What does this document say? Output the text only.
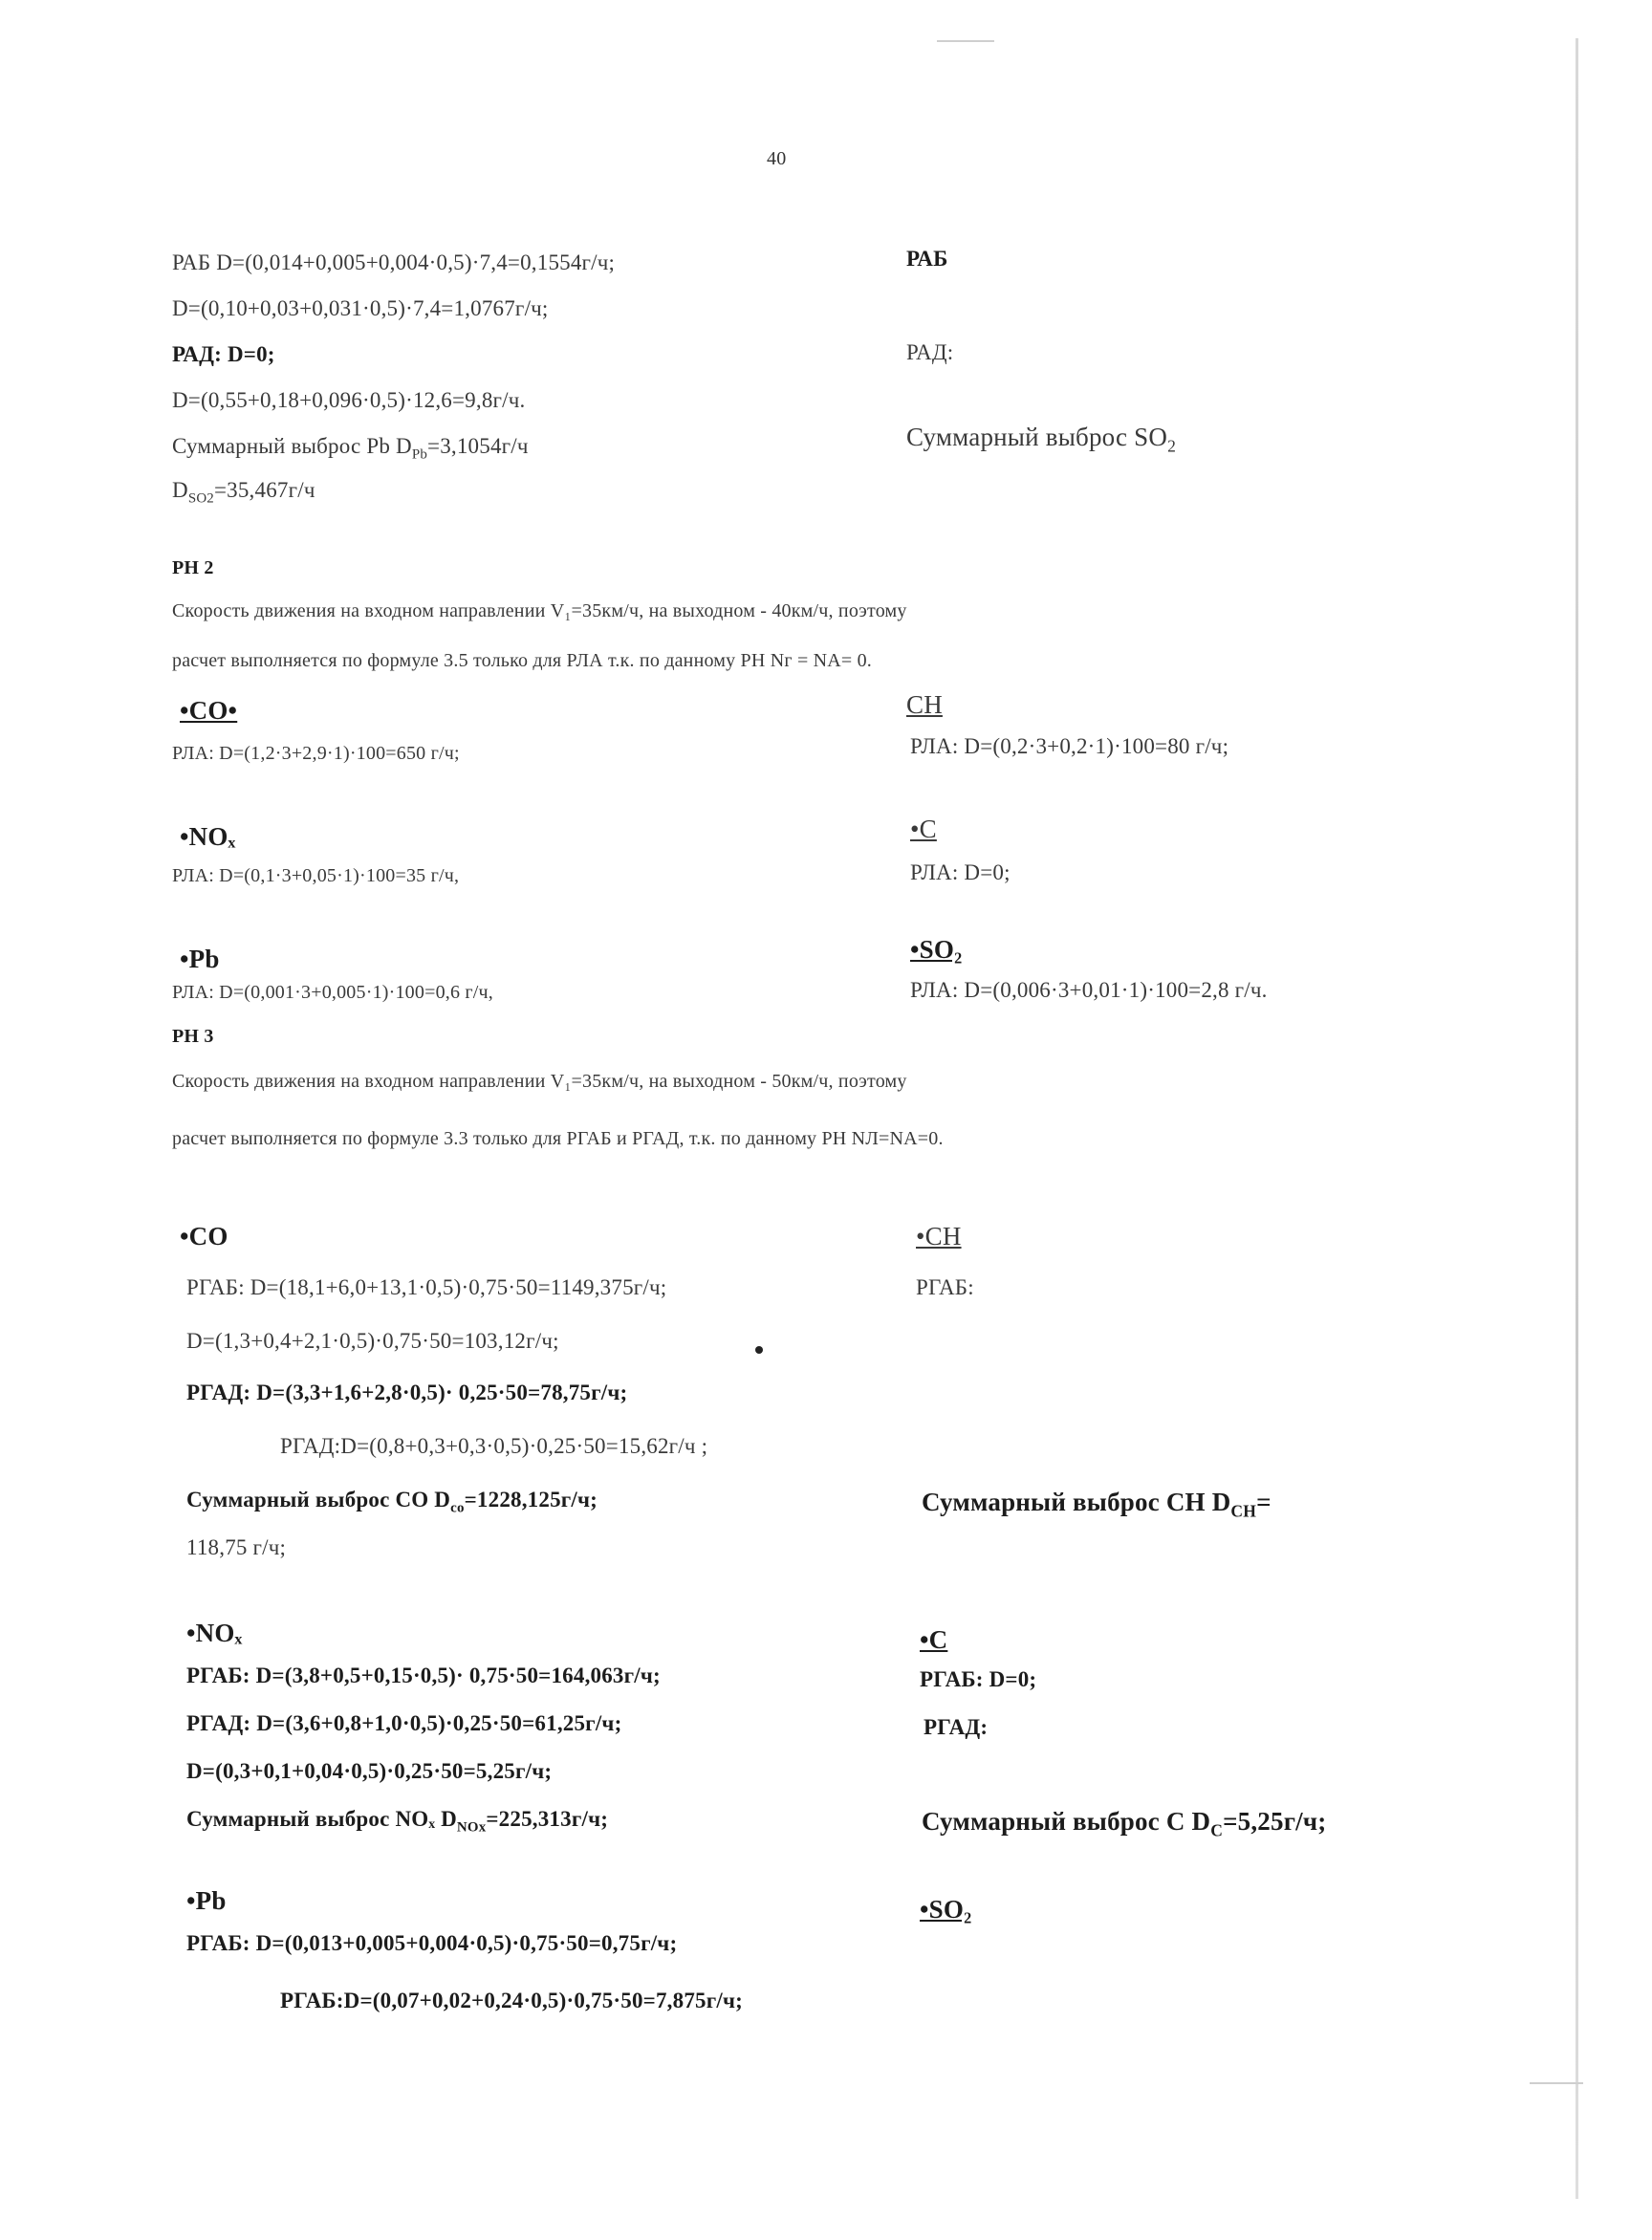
40
РАБ D=(0,014+0,005+0,004·0,5)·7,4=0,1554г/ч;	РАБ
D=(0,10+0,03+0,031·0,5)·7,4=1,0767г/ч;
РАД: D=0;	РАД:
D=(0,55+0,18+0,096·0,5)·12,6=9,8г/ч.
Суммарный выброс Pb $D_{Pb}=3,1054г/ч$	Суммарный выброс $SO_2$
$D_{SO2}=35,467г/ч$
РН 2
Скорость движения на входном направлении V₁=35км/ч, на выходном - 40км/ч, поэтому
расчет выполняется по формуле 3.5 только для РЛА т.к. по данному РН Nг = NА= 0.
•CO•	CH
РЛА: D=(1,2·3+2,9·1)·100=650 г/ч;	РЛА: D=(0,2·3+0,2·1)·100=80 г/ч;
•NOₓ	•C
РЛА: D=(0,1·3+0,05·1)·100=35 г/ч,	РЛА: D=0;
•Pb	•SO₂
РЛА: D=(0,001·3+0,005·1)·100=0,6 г/ч,	РЛА: D=(0,006·3+0,01·1)·100=2,8 г/ч.
РН 3
Скорость движения на входном направлении V₁=35км/ч, на выходном - 50км/ч, поэтому
расчет выполняется по формуле 3.3 только для РГАБ и РГАД, т.к. по данному РН NЛ=NА=0.
•CO	•CH
РГАБ: D=(18,1+6,0+13,1·0,5)·0,75·50=1149,375г/ч;	РГАБ:
D=(1,3+0,4+2,1·0,5)·0,75·50=103,12г/ч;
РГАД: D=(3,3+1,6+2,8·0,5)· 0,25·50=78,75г/ч;
РГАД:D=(0,8+0,3+0,3·0,5)·0,25·50=15,62г/ч ;
Суммарный выброс CO $D_{co}=1228,125г/ч$;	Суммарный выброс CH $D_{CH}=$
118,75 г/ч;
•NOₓ	•C
РГАБ: D=(3,8+0,5+0,15·0,5)· 0,75·50=164,063г/ч;	РГАБ: D=0;
РГАД: D=(3,6+0,8+1,0·0,5)·0,25·50=61,25г/ч;	РГАД:
D=(0,3+0,1+0,04·0,5)·0,25·50=5,25г/ч;
Суммарный выброс NOₓ $D_{NOx}=225,313г/ч$;	Суммарный выброс C $D_C=5,25г/ч$;
•Pb	•SO₂
РГАБ: D=(0,013+0,005+0,004·0,5)·0,75·50=0,75г/ч;
РГАБ:D=(0,07+0,02+0,24·0,5)·0,75·50=7,875г/ч;
